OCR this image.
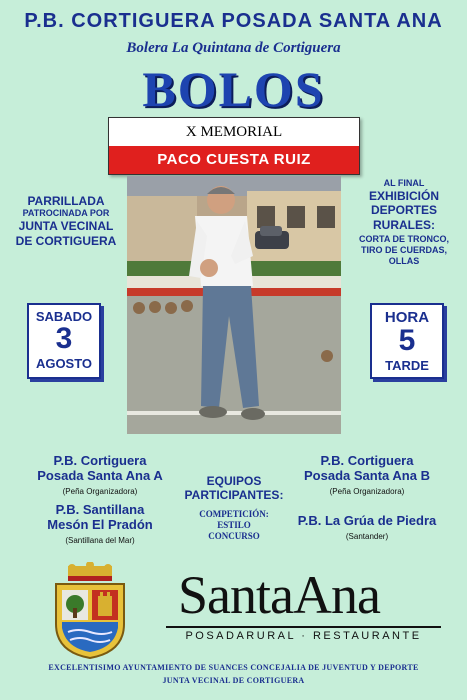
P.B. CORTIGUERA POSADA SANTA ANA
Bolera La Quintana de Cortiguera
BOLOS
X MEMORIAL
PACO CUESTA RUIZ
PARRILLADA
PATROCINADA POR
JUNTA VECINAL
DE CORTIGUERA
AL FINAL
EXHIBICIÓN
DEPORTES
RURALES:
CORTA DE TRONCO,
TIRO DE CUERDAS,
OLLAS
SABADO
3
AGOSTO
HORA
5
TARDE
P.B. Cortiguera
Posada Santa Ana A
(Peña Organizadora)
P.B. Cortiguera
Posada Santa Ana B
(Peña Organizadora)
P.B. Santillana
Mesón El Pradón
(Santillana del Mar)
P.B. La Grúa de Piedra
(Santander)
EQUIPOS
PARTICIPANTES:
COMPETICIÓN:
ESTILO
CONCURSO
SantaAna
POSADARURAL · RESTAURANTE
EXCELENTISIMO AYUNTAMIENTO DE SUANCES CONCEJALIA DE JUVENTUD Y DEPORTE
JUNTA VECINAL DE CORTIGUERA
